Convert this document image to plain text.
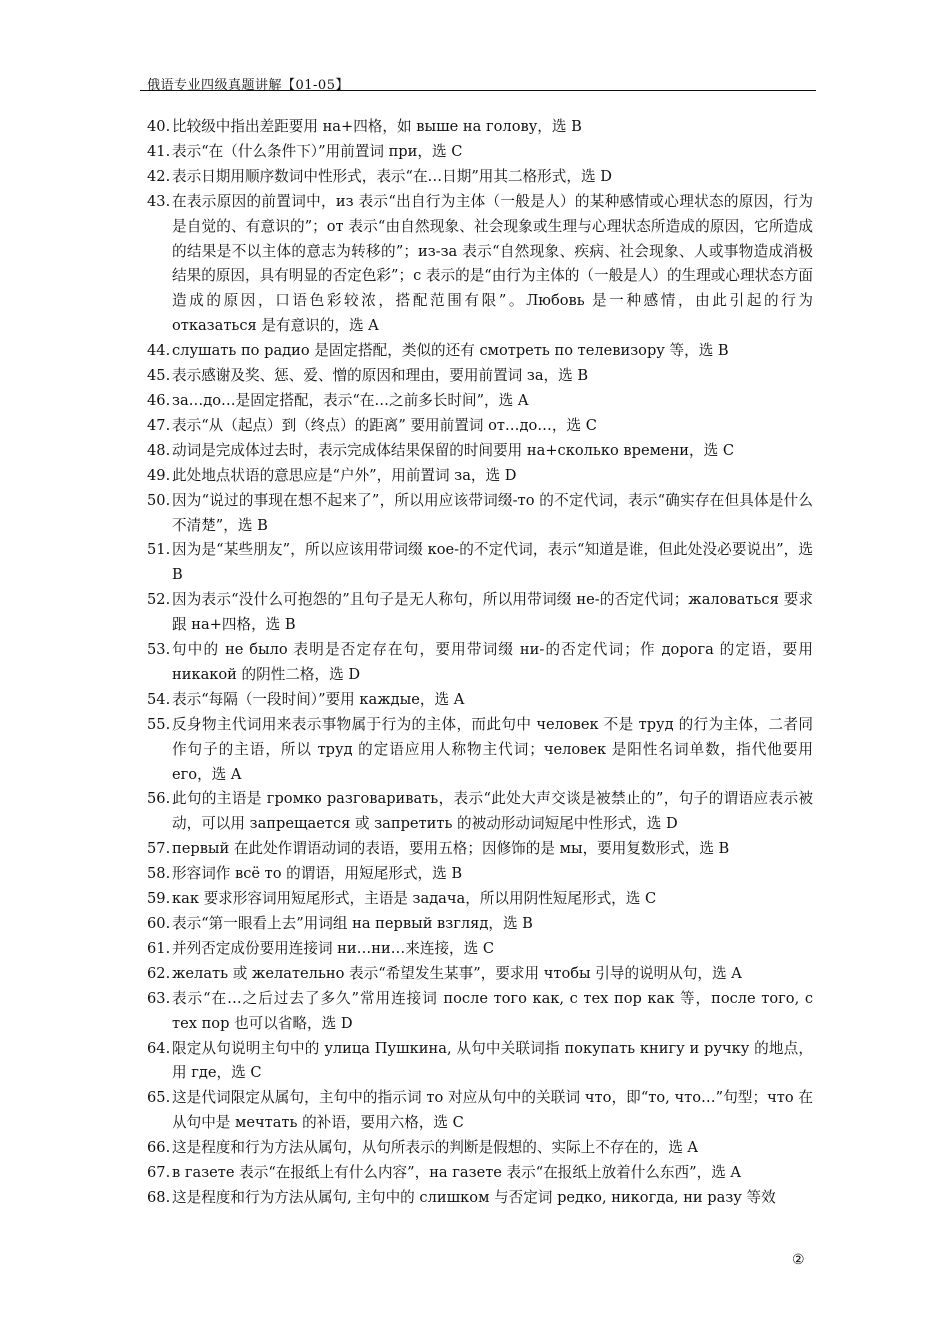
俄语专业四级真题讲解【01-05】
40. 比较级中指出差距要用 на+四格，如 выше на голову，选 B
41. 表示“在（什么条件下）”用前置词 при，选 C
42. 表示日期用顺序数词中性形式，表示“在…日期”用其二格形式，选 D
43. 在表示原因的前置词中，из 表示“出自行为主体（一般是人）的某种感情或心理状态的原因，行为是自觉的、有意识的”；от 表示“由自然现象、社会现象或生理与心理状态所造成的原因，它所造成的结果是不以主体的意志为转移的”；из-за 表示“自然现象、疾病、社会现象、人或事物造成消极结果的原因，具有明显的否定色彩”；с 表示的是“由行为主体的（一般是人）的生理或心理状态方面造成的原因，口语色彩较浓，搭配范围有限”。Любовь 是一种感情，由此引起的行为 отказаться 是有意识的，选 A
44. слушать по радио 是固定搭配，类似的还有 смотреть по телевизору 等，选 B
45. 表示感谢及奖、惩、爱、憎的原因和理由，要用前置词 за，选 B
46. за…до…是固定搭配，表示“在…之前多长时间”，选 A
47. 表示“从（起点）到（终点）的距离” 要用前置词 от…до…，选 C
48. 动词是完成体过去时，表示完成体结果保留的时间要用 на+сколько времени，选 C
49. 此处地点状语的意思应是“户外”，用前置词 за，选 D
50. 因为“说过的事现在想不起来了”，所以用应该带词缀-то 的不定代词，表示“确实存在但具体是什么不清楚”，选 B
51. 因为是“某些朋友”，所以应该用带词缀 кое-的不定代词，表示“知道是谁，但此处没必要说出”，选 B
52. 因为表示“没什么可抱怨的”且句子是无人称句，所以用带词缀 не-的否定代词；жаловаться 要求跟 на+四格，选 B
53. 句中的 не было 表明是否定存在句，要用带词缀 ни-的否定代词；作 дорога 的定语，要用 никакой 的阴性二格，选 D
54. 表示“每隔（一段时间）”要用 каждые，选 A
55. 反身物主代词用来表示事物属于行为的主体，而此句中 человек 不是 труд 的行为主体，二者同作句子的主语，所以 труд 的定语应用人称物主代词；человек 是阳性名词单数，指代他要用 его，选 A
56. 此句的主语是 громко разговаривать，表示“此处大声交谈是被禁止的”，句子的谓语应表示被动，可以用 запрещается 或 запретить 的被动形动词短尾中性形式，选 D
57. первый 在此处作谓语动词的表语，要用五格；因修饰的是 мы，要用复数形式，选 B
58. 形容词作 всё то 的谓语，用短尾形式，选 B
59. как 要求形容词用短尾形式，主语是 задача，所以用阴性短尾形式，选 C
60. 表示“第一眼看上去”用词组 на первый взгляд，选 B
61. 并列否定成份要用连接词 ни…ни…来连接，选 C
62. желать 或 желательно 表示“希望发生某事”，要求用 чтобы 引导的说明从句，选 A
63. 表示“在…之后过去了多久”常用连接词 после того как, с тех пор как 等，после того, с тех пор 也可以省略，选 D
64. 限定从句说明主句中的 улица Пушкина, 从句中关联词指 покупать книгу и ручку 的地点，用 где，选 C
65. 这是代词限定从属句，主句中的指示词 то 对应从句中的关联词 что，即“то, что…”句型；что 在从句中是 мечтать 的补语，要用六格，选 C
66. 这是程度和行为方法从属句，从句所表示的判断是假想的、实际上不存在的，选 A
67. в газете 表示“在报纸上有什么内容”，на газете 表示“在报纸上放着什么东西”，选 A
68. 这是程度和行为方法从属句, 主句中的 слишком 与否定词 редко, никогда, ни разу 等效
②
